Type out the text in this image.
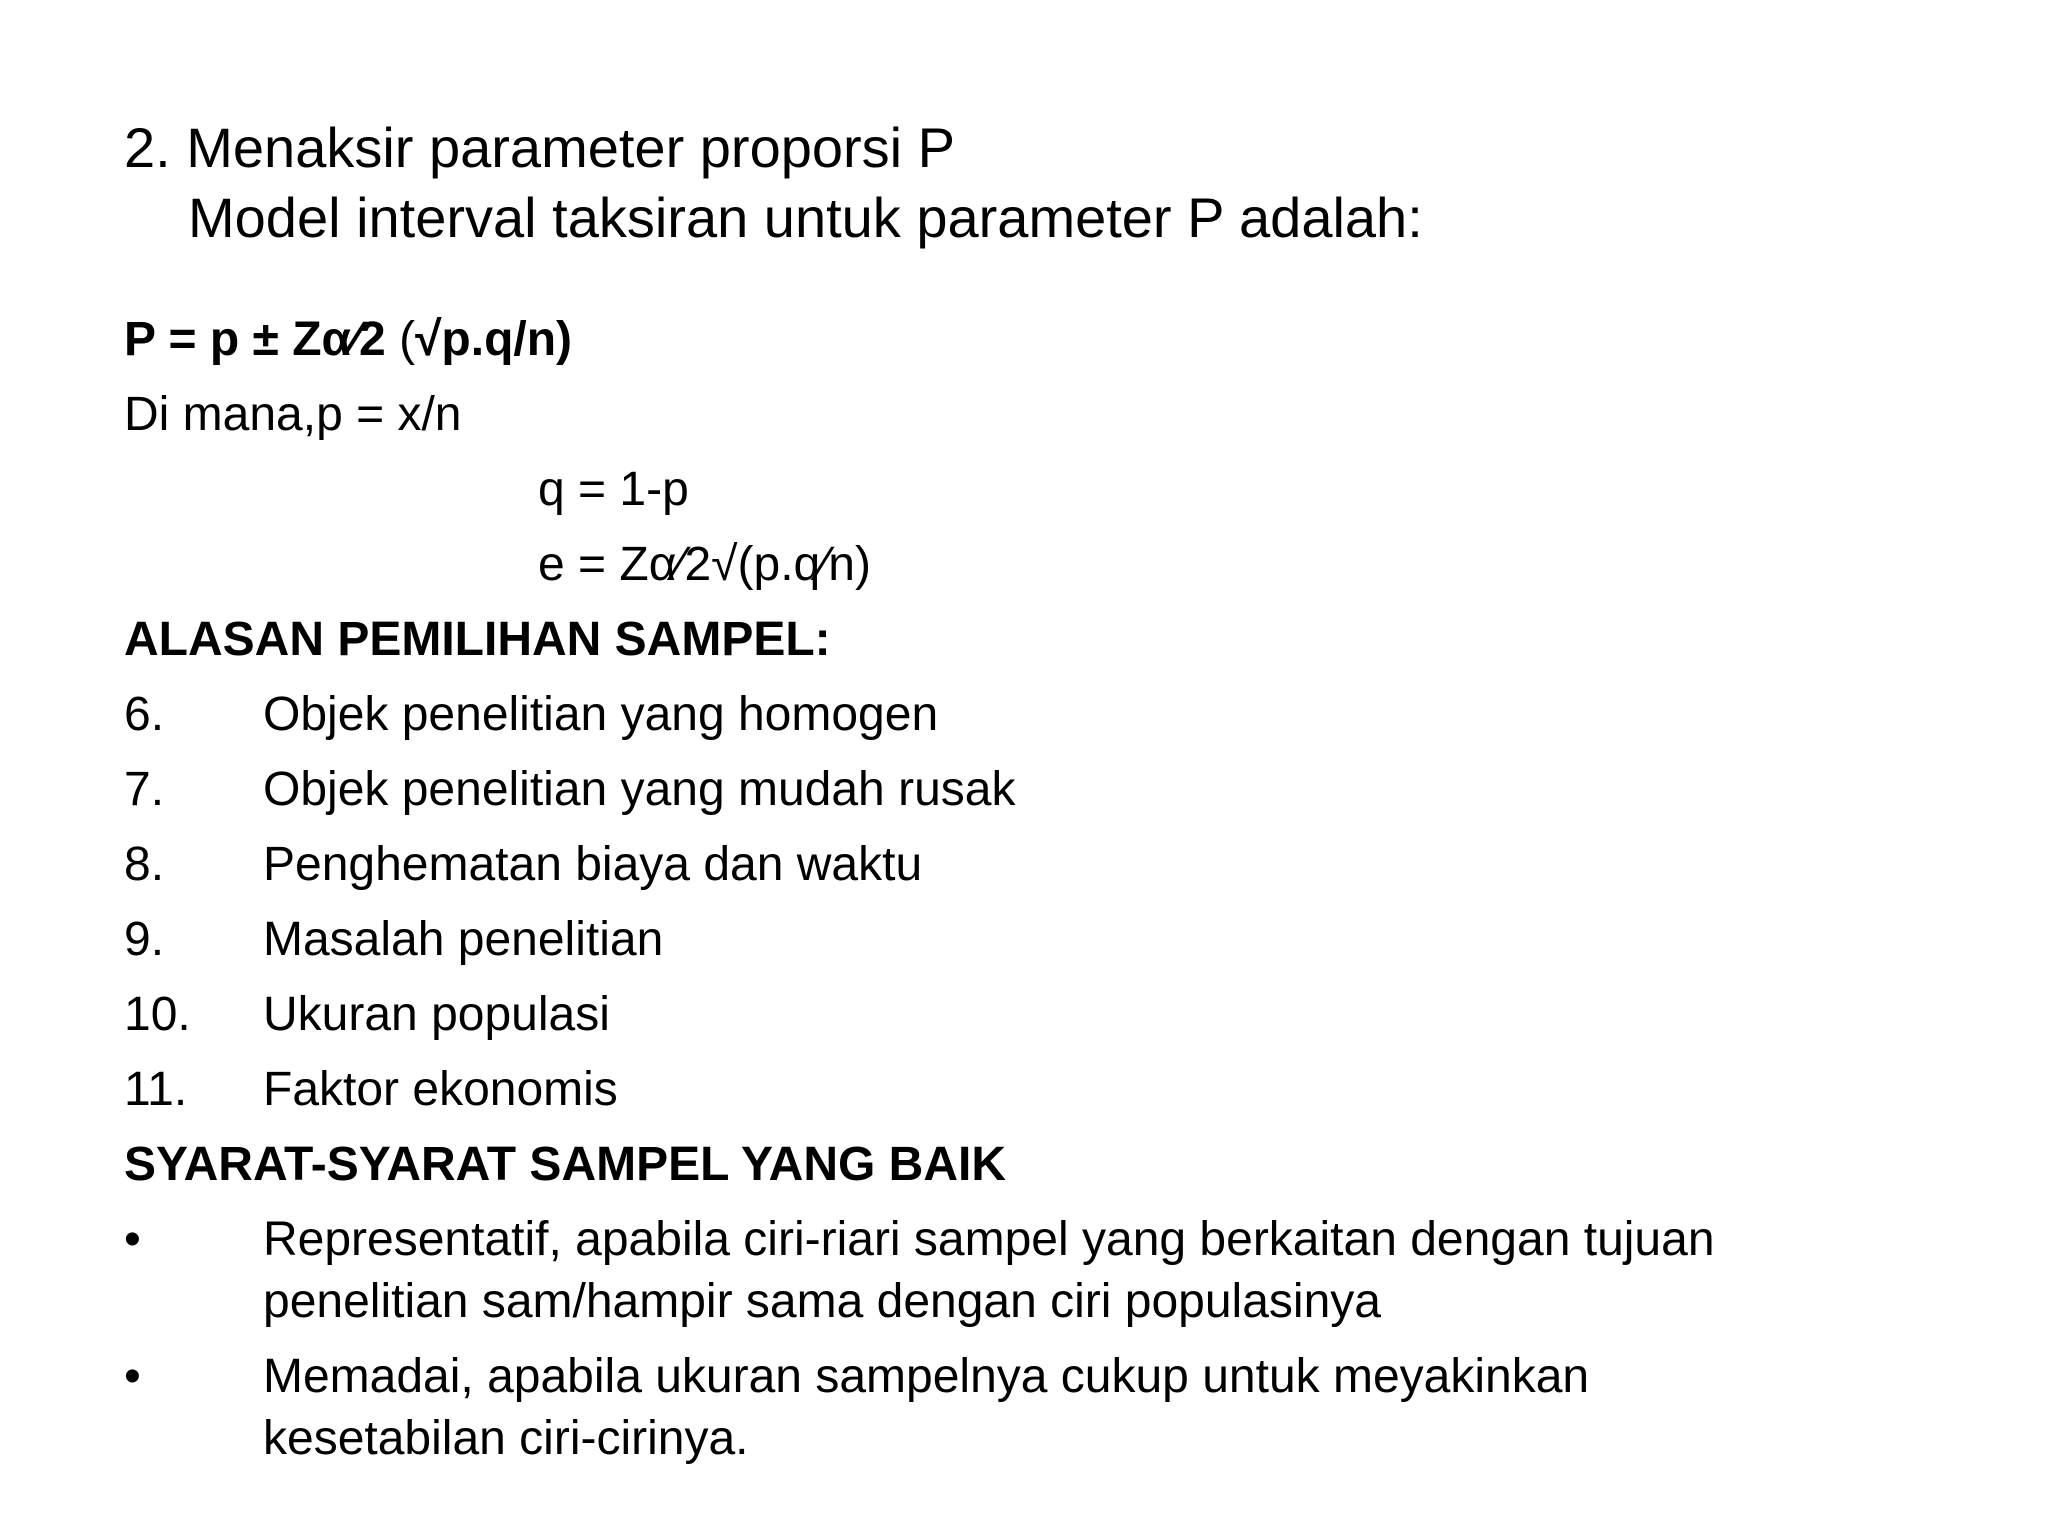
2. Menaksir parameter proporsi P
Model interval taksiran untuk parameter P adalah:
P = p ± Zα⁄2 (√p.q/n)
Di mana,p = x/n
q = 1-p
e = Zα⁄2√(p.q⁄n)
ALASAN PEMILIHAN SAMPEL:
6. Objek penelitian yang homogen
7. Objek penelitian yang mudah rusak
8. Penghematan biaya dan waktu
9. Masalah penelitian
10. Ukuran populasi
11. Faktor ekonomis
SYARAT-SYARAT SAMPEL YANG BAIK
•	Representatif, apabila ciri-riari sampel yang berkaitan dengan tujuan
penelitian sam/hampir sama dengan ciri populasinya
•	Memadai, apabila ukuran sampelnya cukup untuk meyakinkan
kesetabilan ciri-cirinya.
